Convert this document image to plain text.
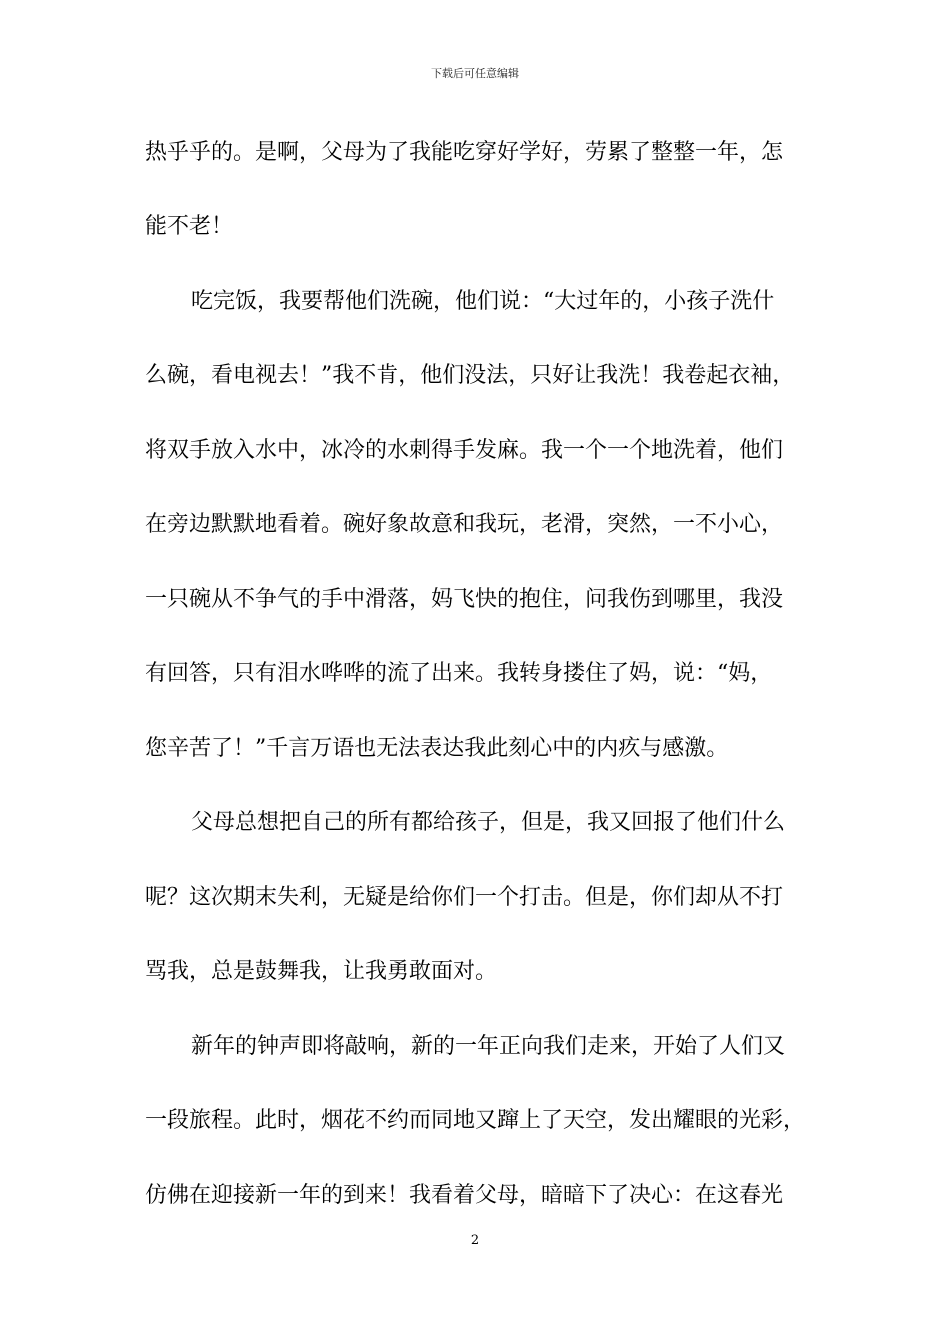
下载后可任意编辑
热乎乎的。是啊，父母为了我能吃穿好学好，劳累了整整一年，怎
能不老！
吃完饭，我要帮他们洗碗，他们说：“大过年的，小孩子洗什
么碗，看电视去！”我不肯，他们没法，只好让我洗！我卷起衣袖，
将双手放入水中，冰冷的水刺得手发麻。我一个一个地洗着，他们
在旁边默默地看着。碗好象故意和我玩，老滑，突然，一不小心，
一只碗从不争气的手中滑落，妈飞快的抱住，问我伤到哪里，我没
有回答，只有泪水哗哗的流了出来。我转身搂住了妈，说：“妈，
您辛苦了！”千言万语也无法表达我此刻心中的内疚与感激。
父母总想把自己的所有都给孩子，但是，我又回报了他们什么
呢？这次期末失利，无疑是给你们一个打击。但是，你们却从不打
骂我，总是鼓舞我，让我勇敢面对。
新年的钟声即将敲响，新的一年正向我们走来，开始了人们又
一段旅程。此时，烟花不约而同地又蹿上了天空，发出耀眼的光彩，
仿佛在迎接新一年的到来！我看着父母，暗暗下了决心：在这春光
2
